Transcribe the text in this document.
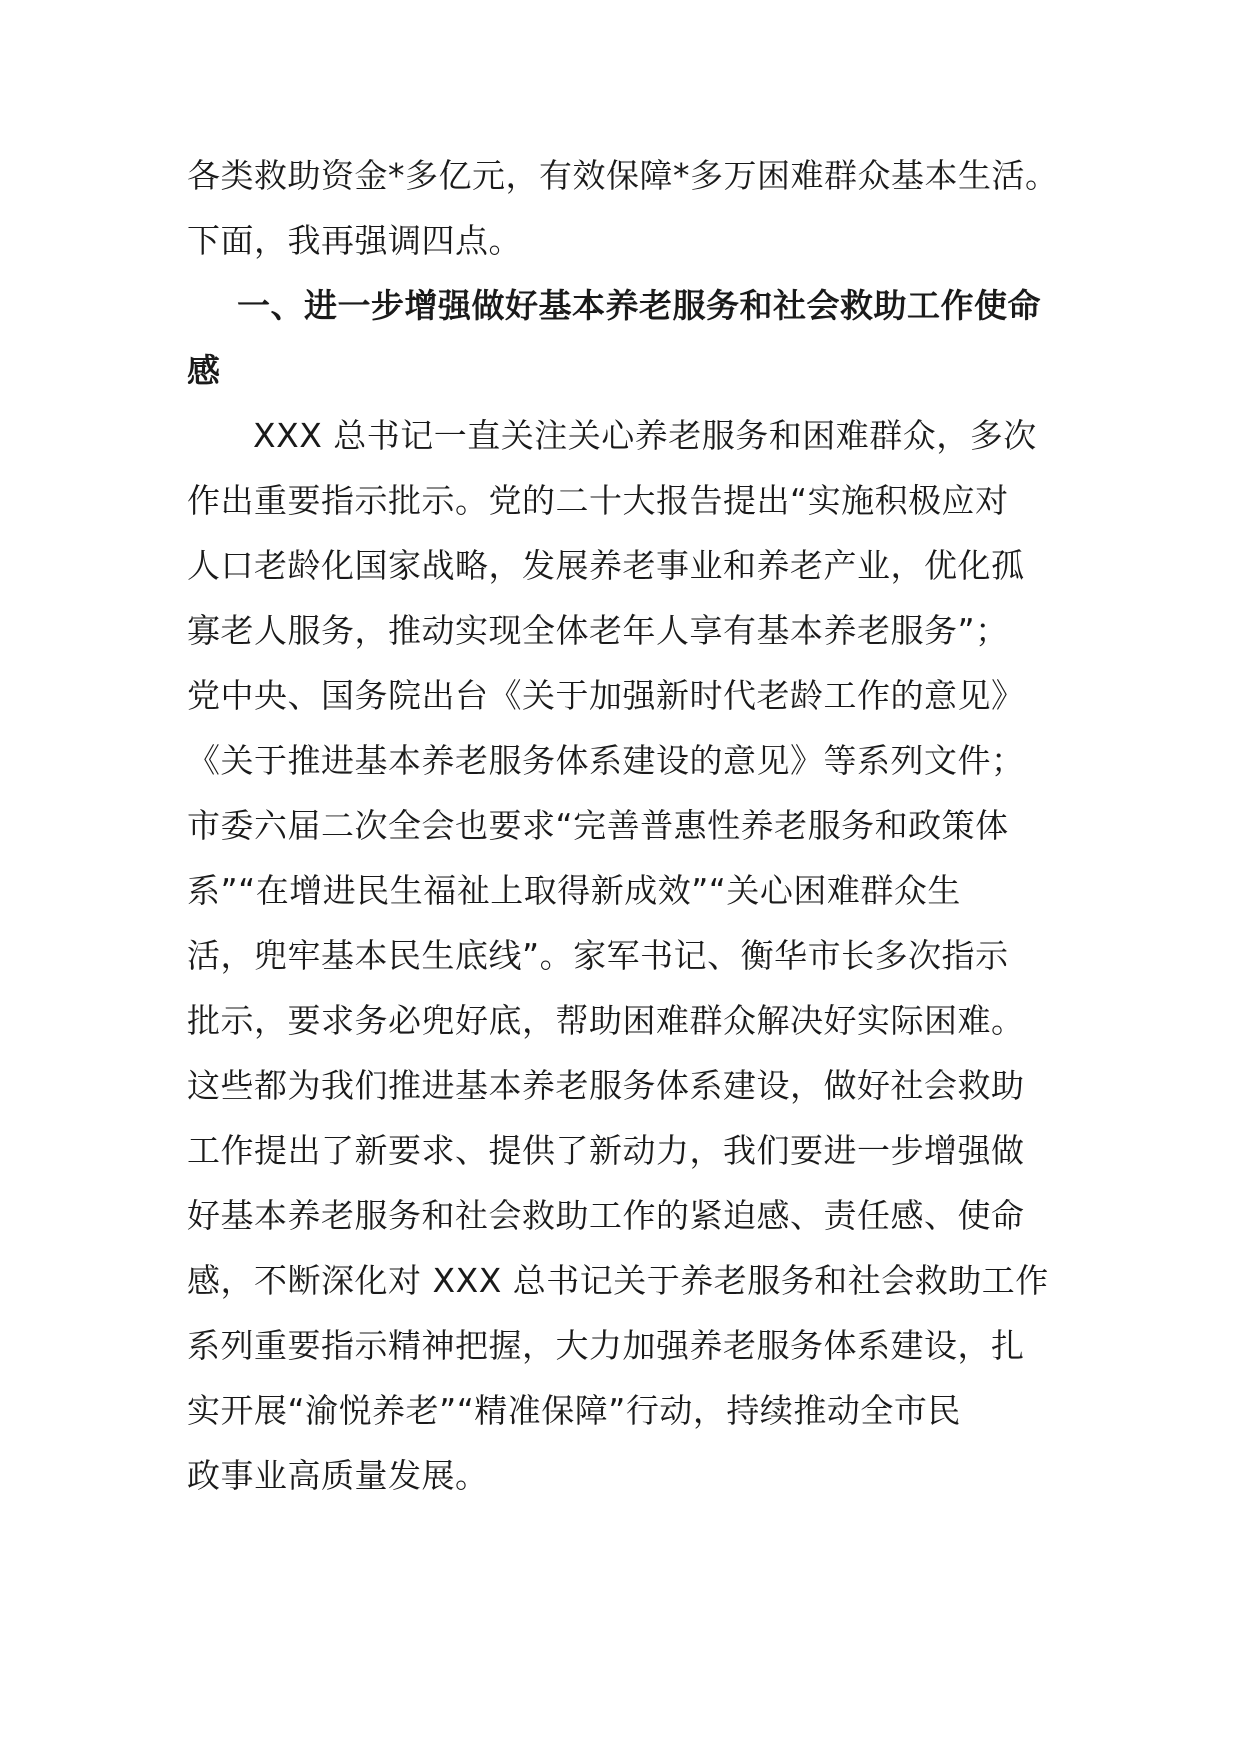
各类救助资金*多亿元，有效保障*多万困难群众基本生活。
下面，我再强调四点。
一、进一步增强做好基本养老服务和社会救助工作使命
感
XXX 总书记一直关注关心养老服务和困难群众，多次
作出重要指示批示。党的二十大报告提出“实施积极应对
人口老龄化国家战略，发展养老事业和养老产业，优化孤
寡老人服务，推动实现全体老年人享有基本养老服务”；
党中央、国务院出台《关于加强新时代老龄工作的意见》
《关于推进基本养老服务体系建设的意见》等系列文件；
市委六届二次全会也要求“完善普惠性养老服务和政策体
系”“在增进民生福祉上取得新成效”“关心困难群众生
活，兜牢基本民生底线”。家军书记、衡华市长多次指示
批示，要求务必兜好底，帮助困难群众解决好实际困难。
这些都为我们推进基本养老服务体系建设，做好社会救助
工作提出了新要求、提供了新动力，我们要进一步增强做
好基本养老服务和社会救助工作的紧迫感、责任感、使命
感，不断深化对 XXX 总书记关于养老服务和社会救助工作
系列重要指示精神把握，大力加强养老服务体系建设，扎
实开展“渝悦养老”“精准保障”行动，持续推动全市民
政事业高质量发展。
